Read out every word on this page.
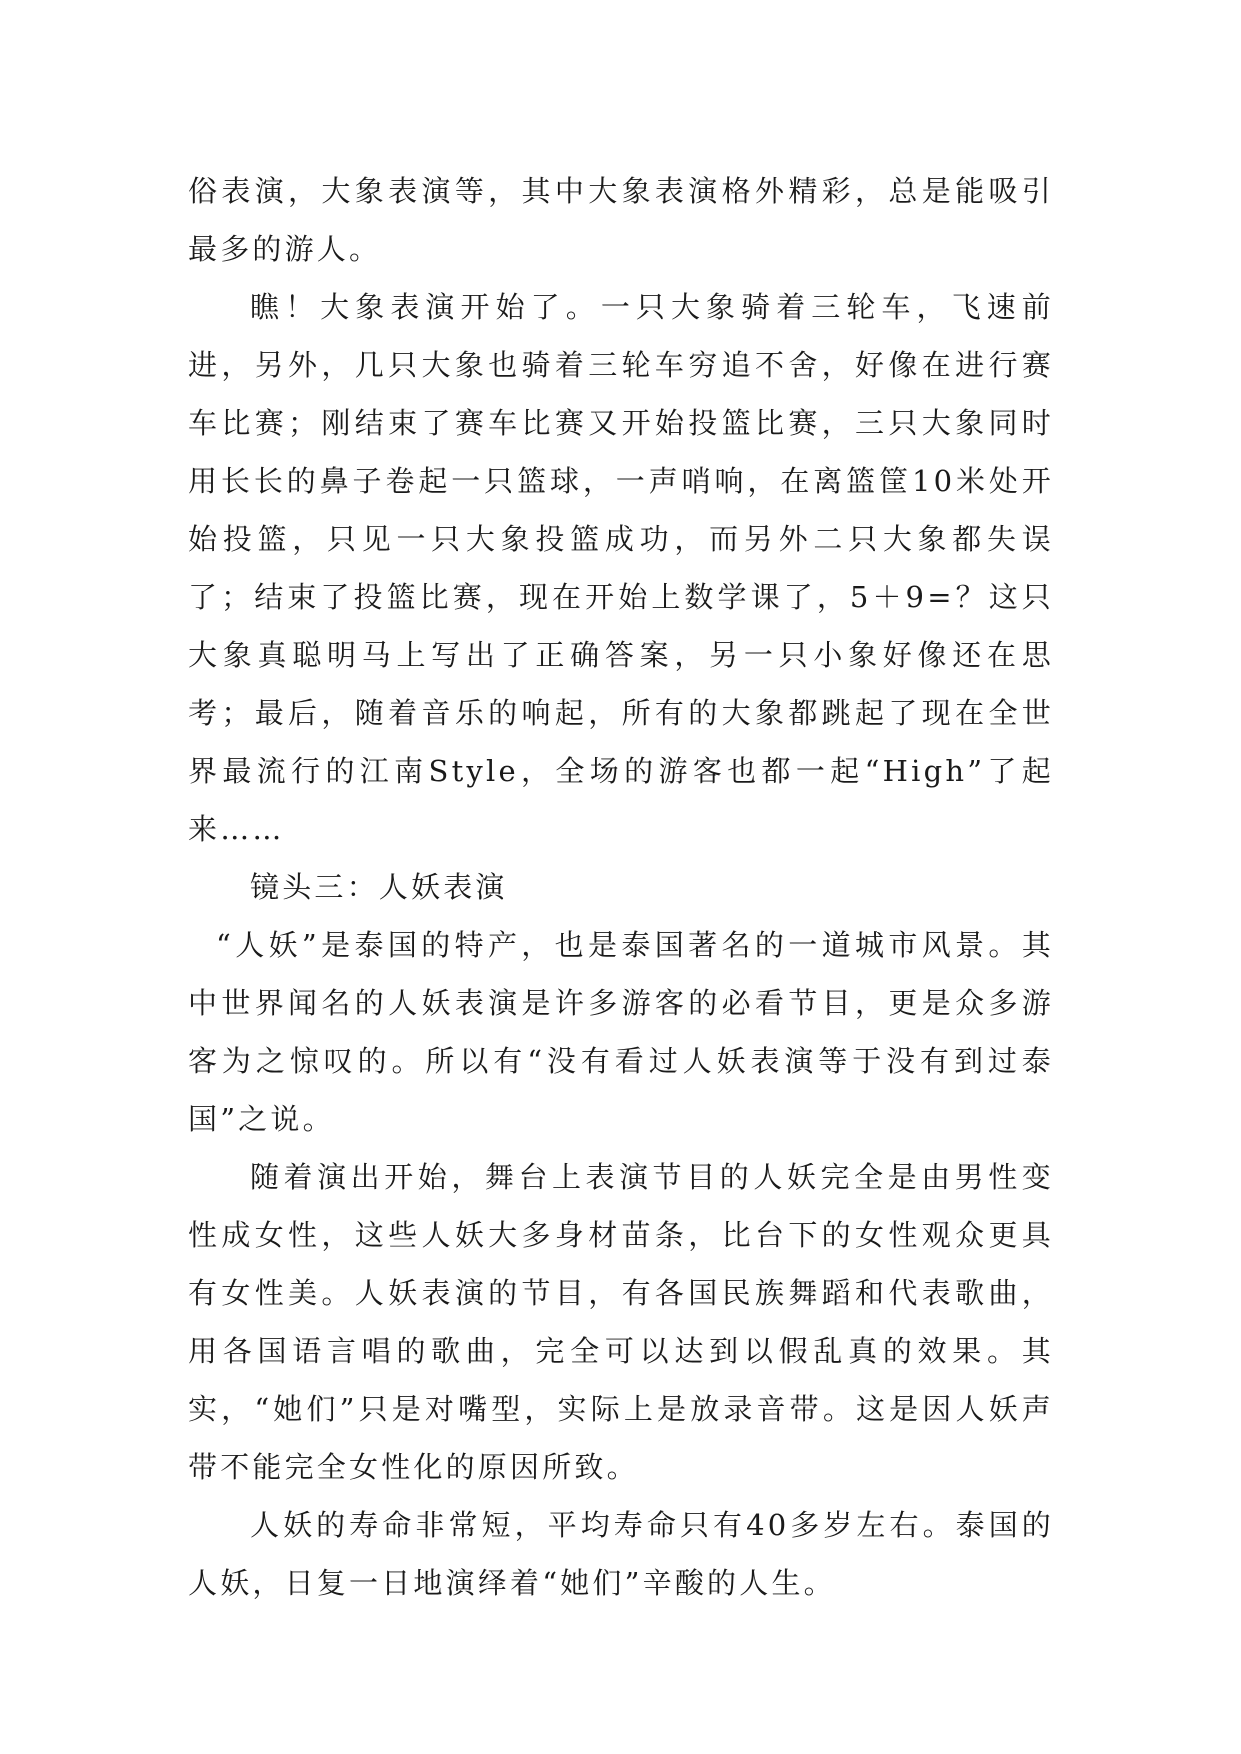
俗表演，大象表演等，其中大象表演格外精彩，总是能吸引最多的游人。

瞧！大象表演开始了。一只大象骑着三轮车，飞速前进，另外，几只大象也骑着三轮车穷追不舍，好像在进行赛车比赛；刚结束了赛车比赛又开始投篮比赛，三只大象同时用长长的鼻子卷起一只篮球，一声哨响，在离篮筐10米处开始投篮，只见一只大象投篮成功，而另外二只大象都失误了；结束了投篮比赛，现在开始上数学课了，5＋9=？这只大象真聪明马上写出了正确答案，另一只小象好像还在思考；最后，随着音乐的响起，所有的大象都跳起了现在全世界最流行的江南Style，全场的游客也都一起“High”了起来……

镜头三：人妖表演

“人妖”是泰国的特产，也是泰国著名的一道城市风景。其中世界闻名的人妖表演是许多游客的必看节目，更是众多游客为之惊叹的。所以有“没有看过人妖表演等于没有到过泰国”之说。

随着演出开始，舞台上表演节目的人妖完全是由男性变性成女性，这些人妖大多身材苗条，比台下的女性观众更具有女性美。人妖表演的节目，有各国民族舞蹈和代表歌曲，用各国语言唱的歌曲，完全可以达到以假乱真的效果。其实，“她们”只是对嘴型，实际上是放录音带。这是因人妖声带不能完全女性化的原因所致。

人妖的寿命非常短，平均寿命只有40多岁左右。泰国的人妖，日复一日地演绎着“她们”辛酸的人生。
